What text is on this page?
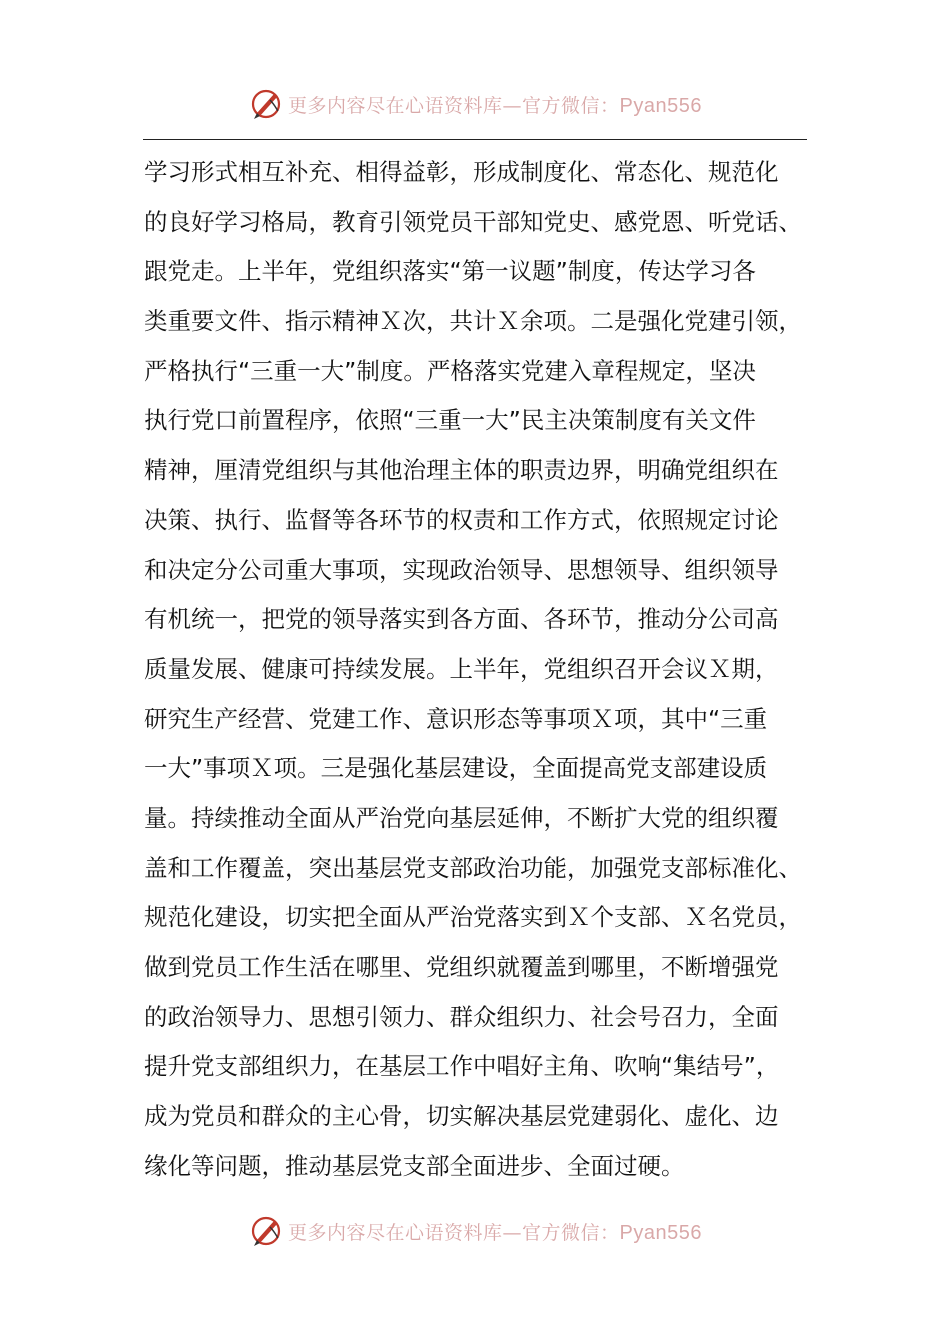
更多内容尽在心语资料库—官方微信：Pyan556
学习形式相互补充、相得益彰，形成制度化、常态化、规范化
的良好学习格局，教育引领党员干部知党史、感党恩、听党话、
跟党走。上半年，党组织落实“第一议题”制度，传达学习各
类重要文件、指示精神Ｘ次，共计Ｘ余项。二是强化党建引领，
严格执行“三重一大”制度。严格落实党建入章程规定，坚决
执行党口前置程序，依照“三重一大”民主决策制度有关文件
精神，厘清党组织与其他治理主体的职责边界，明确党组织在
决策、执行、监督等各环节的权责和工作方式，依照规定讨论
和决定分公司重大事项，实现政治领导、思想领导、组织领导
有机统一，把党的领导落实到各方面、各环节，推动分公司高
质量发展、健康可持续发展。上半年，党组织召开会议Ｘ期，
研究生产经营、党建工作、意识形态等事项Ｘ项，其中“三重
一大”事项Ｘ项。三是强化基层建设，全面提高党支部建设质
量。持续推动全面从严治党向基层延伸，不断扩大党的组织覆
盖和工作覆盖，突出基层党支部政治功能，加强党支部标准化、
规范化建设，切实把全面从严治党落实到Ｘ个支部、Ｘ名党员，
做到党员工作生活在哪里、党组织就覆盖到哪里，不断增强党
的政治领导力、思想引领力、群众组织力、社会号召力，全面
提升党支部组织力，在基层工作中唱好主角、吹响“集结号”，
成为党员和群众的主心骨，切实解决基层党建弱化、虚化、边
缘化等问题，推动基层党支部全面进步、全面过硬。
更多内容尽在心语资料库—官方微信：Pyan556
